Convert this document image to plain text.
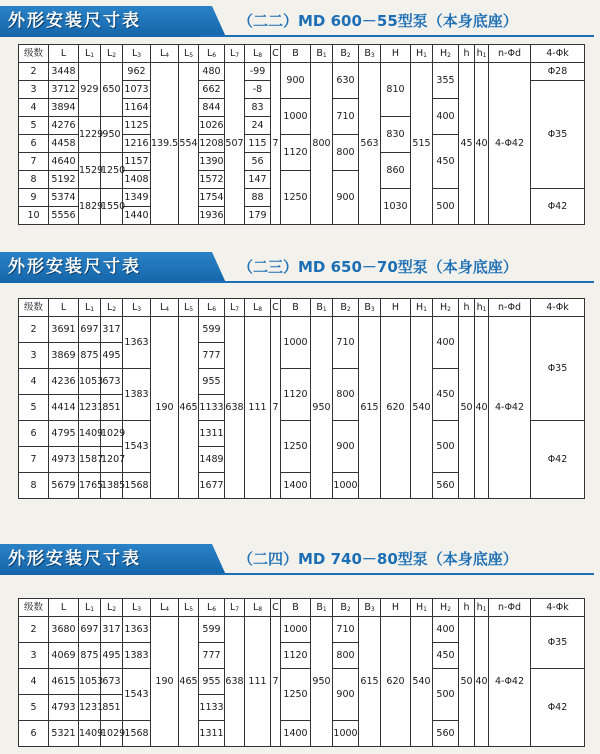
外形安装尺寸表	（二二）MD 600－55型泵（本身底座）
级数	L	$L_1$	$L_2$	$L_3$	$L_4$	$L_5$	$L_6$	$L_7$	$L_8$	C	B	$B_1$	$B_2$	$B_3$	H	$H_1$	$H_2$	h	$h_1$	n-Φd	4-Φk
2	3448	929	650	962	139.5	554	480	507	-99	7	900	800	630	563	810	515	355	45	40	4-Φ42	Φ28
3	3712			1073			662		-8												Φ35
4	3894			1164			844		83		1000		710				400				
5	4276	1229	950	1125			1026		24						830						
6	4458			1216			1208		115		1120		800				450				
7	4640	1529	1250	1157			1390		56						860						
8	5192			1408			1572		147		1250		900								
9	5374	1829	1550	1349			1754		88						1030		500				Φ42
10	5556			1440			1936		179												
外形安装尺寸表	（二三）MD 650－70型泵（本身底座）
级数	L	$L_1$	$L_2$	$L_3$	$L_4$	$L_5$	$L_6$	$L_7$	$L_8$	C	B	$B_1$	$B_2$	$B_3$	H	$H_1$	$H_2$	h	$h_1$	n-Φd	4-Φk
2	3691	697	317	1363	190	465	599	638	111	7	1000	950	710	615	620	540	400	50	40	4-Φ42	Φ35
3	3869	875	495				777														
4	4236	1053	673	1383			955				1120		800				450				
5	4414	1231	851				1133														
6	4795	1409	1029	1543			1311				1250		900				500				Φ42
7	4973	1587	1207				1489														
8	5679	1765	1385	1568			1677				1400		1000				560				
外形安装尺寸表	（二四）MD 740－80型泵（本身底座）
级数	L	$L_1$	$L_2$	$L_3$	$L_4$	$L_5$	$L_6$	$L_7$	$L_8$	C	B	$B_1$	$B_2$	$B_3$	H	$H_1$	$H_2$	h	$h_1$	n-Φd	4-Φk
2	3680	697	317	1363	190	465	599	638	111	7	1000	950	710	615	620	540	400	50	40	4-Φ42	Φ35
3	4069	875	495	1383			777				1120		800				450				
4	4615	1053	673	1543			955				1250		900				500				Φ42
5	4793	1231	851				1133														
6	5321	1409	1029	1568			1311				1400		1000				560				
